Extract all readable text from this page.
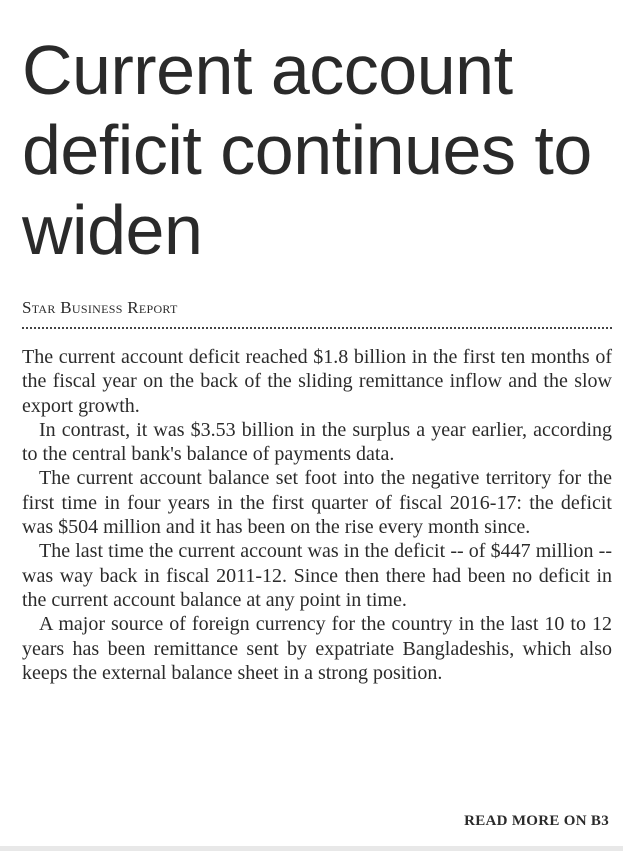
Current account deficit continues to widen
Star Business Report

The current account deficit reached $1.8 billion in the first ten months of the fiscal year on the back of the sliding remittance inflow and the slow export growth.

In contrast, it was $3.53 billion in the surplus a year earlier, according to the central bank's balance of payments data.

The current account balance set foot into the negative territory for the first time in four years in the first quarter of fiscal 2016-17: the deficit was $504 million and it has been on the rise every month since.

The last time the current account was in the deficit -- of $447 million -- was way back in fiscal 2011-12. Since then there had been no deficit in the current account balance at any point in time.

A major source of foreign currency for the country in the last 10 to 12 years has been remittance sent by expatriate Bangladeshis, which also keeps the external balance sheet in a strong position.

READ MORE ON B3
